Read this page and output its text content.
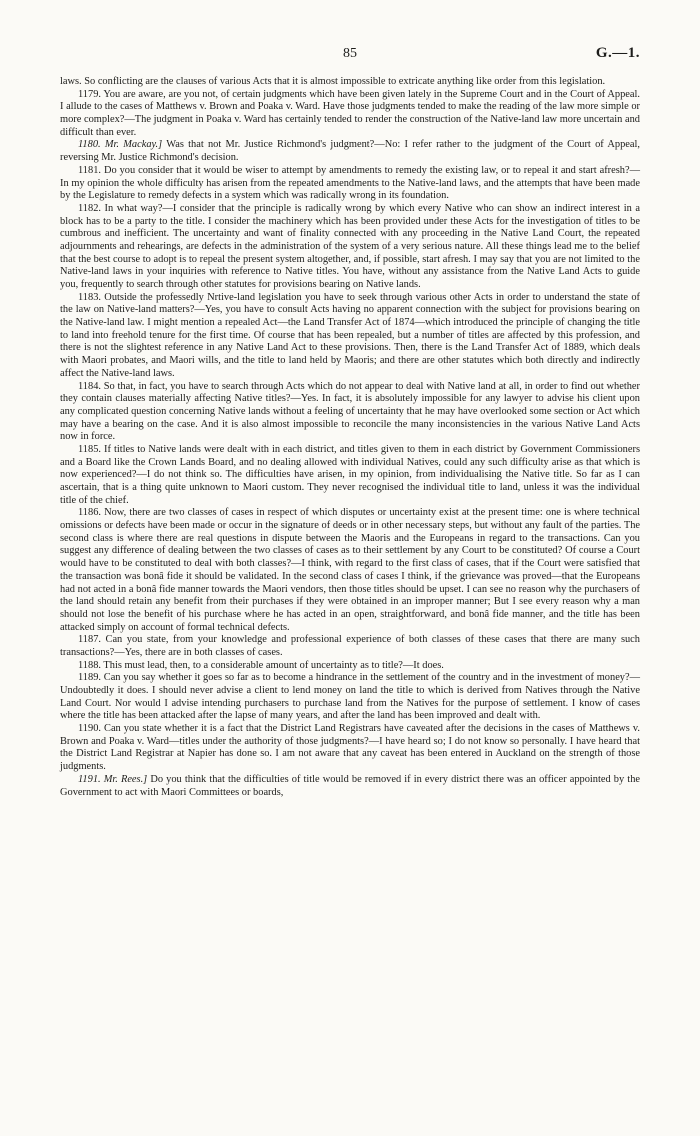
85	G.—1.

laws. So conflicting are the clauses of various Acts that it is almost impossible to extricate anything like order from this legislation.

1179. You are aware, are you not, of certain judgments which have been given lately in the Supreme Court and in the Court of Appeal. I allude to the cases of Matthews v. Brown and Poaka v. Ward. Have those judgments tended to make the reading of the law more simple or more complex?—The judgment in Poaka v. Ward has certainly tended to render the construction of the Native-land law more uncertain and difficult than ever.

1180. Mr. Mackay.] Was that not Mr. Justice Richmond's judgment?—No: I refer rather to the judgment of the Court of Appeal, reversing Mr. Justice Richmond's decision.

1181. Do you consider that it would be wiser to attempt by amendments to remedy the existing law, or to repeal it and start afresh?—In my opinion the whole difficulty has arisen from the repeated amendments to the Native-land laws, and the attempts that have been made by the Legislature to remedy defects in a system which was radically wrong in its foundation.

1182. In what way?—I consider that the principle is radically wrong by which every Native who can show an indirect interest in a block has to be a party to the title. I consider the machinery which has been provided under these Acts for the investigation of titles to be cumbrous and inefficient. The uncertainty and want of finality connected with any proceeding in the Native Land Court, the repeated adjournments and rehearings, are defects in the administration of the system of a very serious nature. All these things lead me to the belief that the best course to adopt is to repeal the present system altogether, and, if possible, start afresh. I may say that you are not limited to the Native-land laws in your inquiries with reference to Native titles. You have, without any assistance from the Native Land Acts to guide you, frequently to search through other statutes for provisions bearing on Native lands.

1183. Outside the professedly Nrtive-land legislation you have to seek through various other Acts in order to understand the state of the law on Native-land matters?—Yes, you have to consult Acts having no apparent connection with the subject for provisions bearing on the Native-land law. I might mention a repealed Act—the Land Transfer Act of 1874—which introduced the principle of changing the title to land into freehold tenure for the first time. Of course that has been repealed, but a number of titles are affected by this profession, and there is not the slightest reference in any Native Land Act to these provisions. Then, there is the Land Transfer Act of 1889, which deals with Maori probates, and Maori wills, and the title to land held by Maoris; and there are other statutes which both directly and indirectly affect the Native-land laws.

1184. So that, in fact, you have to search through Acts which do not appear to deal with Native land at all, in order to find out whether they contain clauses materially affecting Native titles?—Yes. In fact, it is absolutely impossible for any lawyer to advise his client upon any complicated question concerning Native lands without a feeling of uncertainty that he may have overlooked some section or Act which may have a bearing on the case. And it is also almost impossible to reconcile the many inconsistencies in the various Native Land Acts now in force.

1185. If titles to Native lands were dealt with in each district, and titles given to them in each district by Government Commissioners and a Board like the Crown Lands Board, and no dealing allowed with individual Natives, could any such difficulty arise as that which is now experienced?—I do not think so. The difficulties have arisen, in my opinion, from individualising the Native title. So far as I can ascertain, that is a thing quite unknown to Maori custom. They never recognised the individual title to land, unless it was the individual title of the chief.

1186. Now, there are two classes of cases in respect of which disputes or uncertainty exist at the present time: one is where technical omissions or defects have been made or occur in the signature of deeds or in other necessary steps, but without any fault of the parties. The second class is where there are real questions in dispute between the Maoris and the Europeans in regard to the transactions. Can you suggest any difference of dealing between the two classes of cases as to their settlement by any Court to be constituted? Of course a Court would have to be constituted to deal with both classes?—I think, with regard to the first class of cases, that if the Court were satisfied that the transaction was bonâ fide it should be validated. In the second class of cases I think, if the grievance was proved—that the Europeans had not acted in a bonâ fide manner towards the Maori vendors, then those titles should be upset. I can see no reason why the purchasers of the land should retain any benefit from their purchases if they were obtained in an improper manner; But I see every reason why a man should not lose the benefit of his purchase where he has acted in an open, straightforward, and bonâ fide manner, and the title has been attacked simply on account of formal technical defects.

1187. Can you state, from your knowledge and professional experience of both classes of these cases that there are many such transactions?—Yes, there are in both classes of cases.

1188. This must lead, then, to a considerable amount of uncertainty as to title?—It does.

1189. Can you say whether it goes so far as to become a hindrance in the settlement of the country and in the investment of money?—Undoubtedly it does. I should never advise a client to lend money on land the title to which is derived from Natives through the Native Land Court. Nor would I advise intending purchasers to purchase land from the Natives for the purpose of settlement. I know of cases where the title has been attacked after the lapse of many years, and after the land has been improved and dealt with.

1190. Can you state whether it is a fact that the District Land Registrars have caveated after the decisions in the cases of Matthews v. Brown and Poaka v. Ward—titles under the authority of those judgments?—I have heard so; I do not know so personally. I have heard that the District Land Registrar at Napier has done so. I am not aware that any caveat has been entered in Auckland on the strength of those judgments.

1191. Mr. Rees.] Do you think that the difficulties of title would be removed if in every district there was an officer appointed by the Government to act with Maori Committees or boards,
